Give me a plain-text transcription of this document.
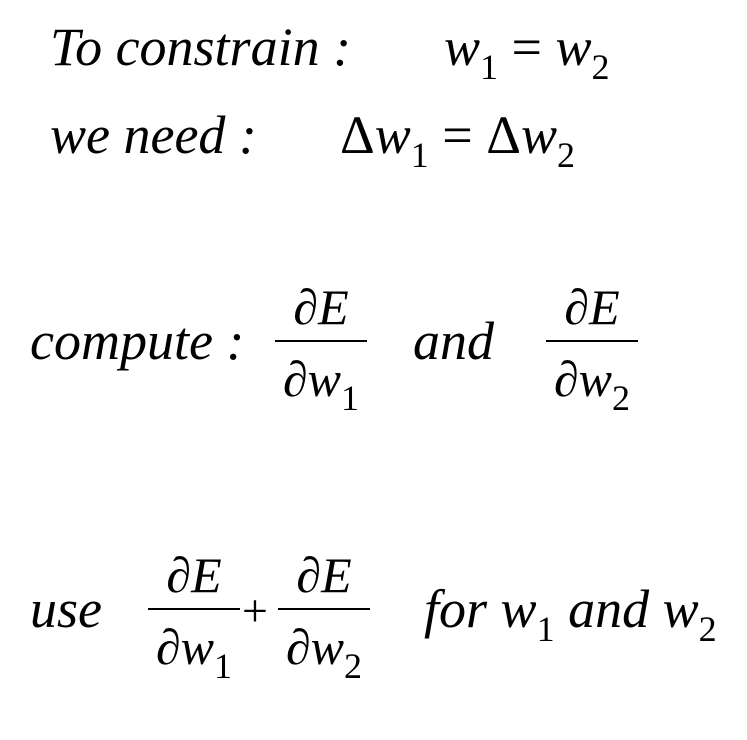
To constrain : $w_1 = w_2$
we need : $\Delta w_1 = \Delta w_2$
compute :
∂E
$\partial w_1$
and
∂E
$\partial w_2$
use
∂E
$\partial w_1$
+
∂E
$\partial w_2$
for $w_1$ and $w_2$
